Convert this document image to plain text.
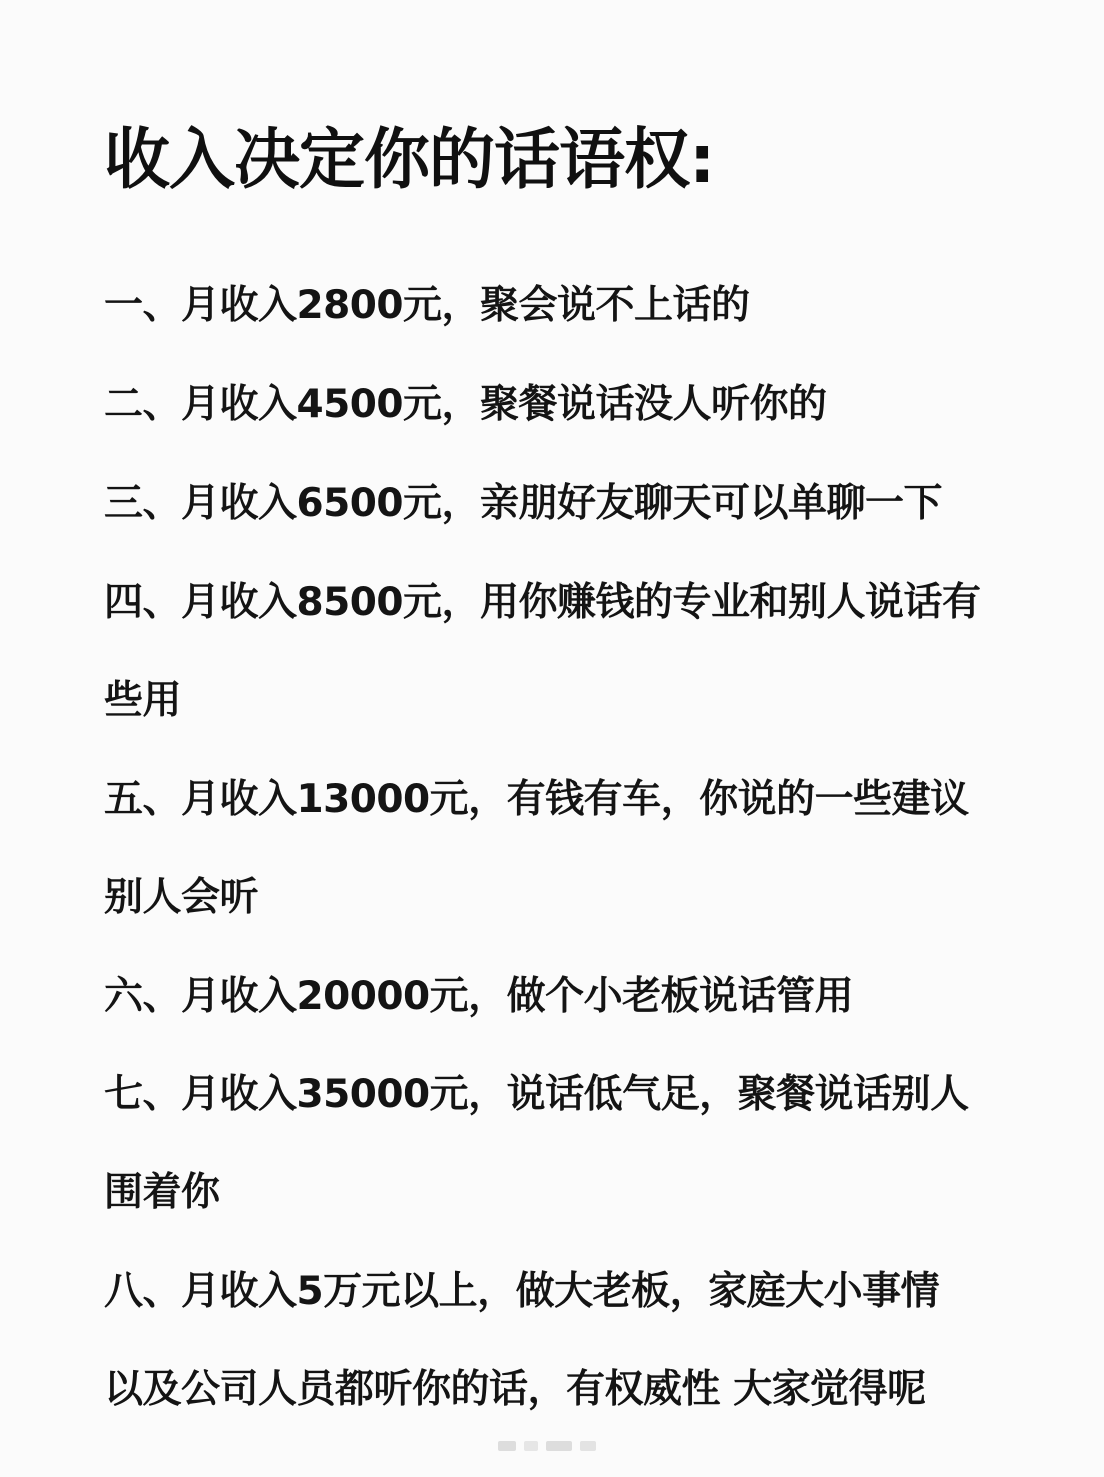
收入决定你的话语权:
一、月收入2800元，聚会说不上话的
二、月收入4500元，聚餐说话没人听你的
三、月收入6500元，亲朋好友聊天可以单聊一下
四、月收入8500元，用你赚钱的专业和别人说话有
些用
五、月收入13000元，有钱有车，你说的一些建议
别人会听
六、月收入20000元，做个小老板说话管用
七、月收入35000元，说话低气足，聚餐说话别人
围着你
八、月收入5万元以上，做大老板，家庭大小事情
以及公司人员都听你的话，有权威性 大家觉得呢
